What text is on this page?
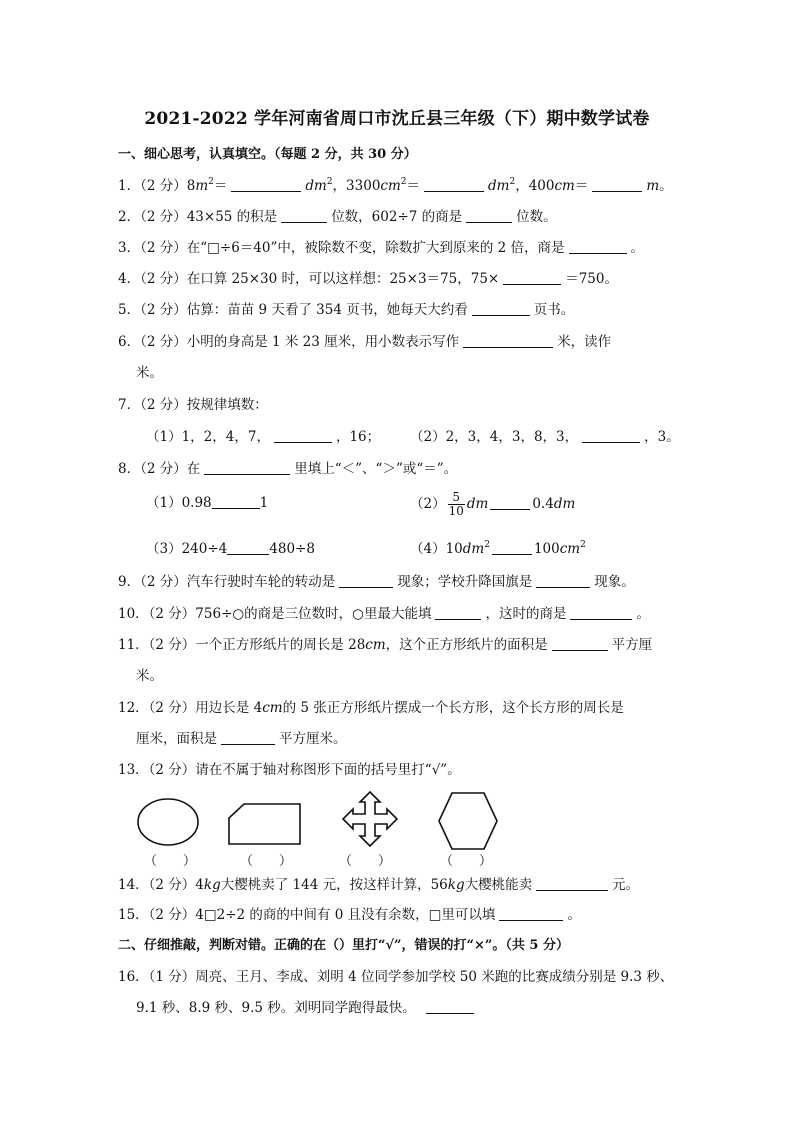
2021-2022 学年河南省周口市沈丘县三年级（下）期中数学试卷
一、细心思考，认真填空。（每题 2 分，共 30 分）
1．（2 分）$8m^2=$	$dm^2$，$3300cm^2=$	$dm^2$，400cm＝	m。
2．（2 分）43×55 的积是	位数，602÷7 的商是	位数。
3．（2 分）在“□÷6＝40”中，被除数不变，除数扩大到原来的 2 倍，商是	。
4．（2 分）在口算 25×30 时，可以这样想：25×3＝75，75×	＝750。
5．（2 分）估算：苗苗 9 天看了 354 页书，她每天大约看	页书。
6．（2 分）小明的身高是 1 米 23 厘米，用小数表示写作	米，读作
米。
7．（2 分）按规律填数：
（1）1，2，4，7，	，16；	（2）2，3，4，3，8，3，	，3。
8．（2 分）在	里填上“＜”、“＞”或“＝”。
（1）0.98	1	$(2) \frac{5}{10}$ dm	0.4dm
（3）240÷4	480÷8	$(4)10dm^2$	$100cm^2$
9．（2 分）汽车行驶时车轮的转动是	现象；学校升降国旗是	现象。
10．（2 分）756÷○的商是三位数时，○里最大能填	，这时的商是	。
11．（2 分）一个正方形纸片的周长是 28cm，这个正方形纸片的面积是	平方厘
米。
12．（2 分）用边长是 4cm的 5 张正方形纸片摆成一个长方形，这个长方形的周长是
厘米，面积是	平方厘米。
13．（2 分）请在不属于轴对称图形下面的括号里打“√”。
（　　）	（　　）	（　　）	（　　）
14．（2 分）4kg大樱桃卖了 144 元，按这样计算，56kg大樱桃能卖	元。
15．（2 分）4□2÷2 的商的中间有 0 且没有余数，□里可以填	。
二、仔细推敲，判断对错。正确的在（）里打“√”，错误的打“×”。（共 5 分）
16．（1 分）周亮、王月、李成、刘明 4 位同学参加学校 50 米跑的比赛成绩分别是 9.3 秒、
9.1 秒、8.9 秒、9.5 秒。刘明同学跑得最快。
